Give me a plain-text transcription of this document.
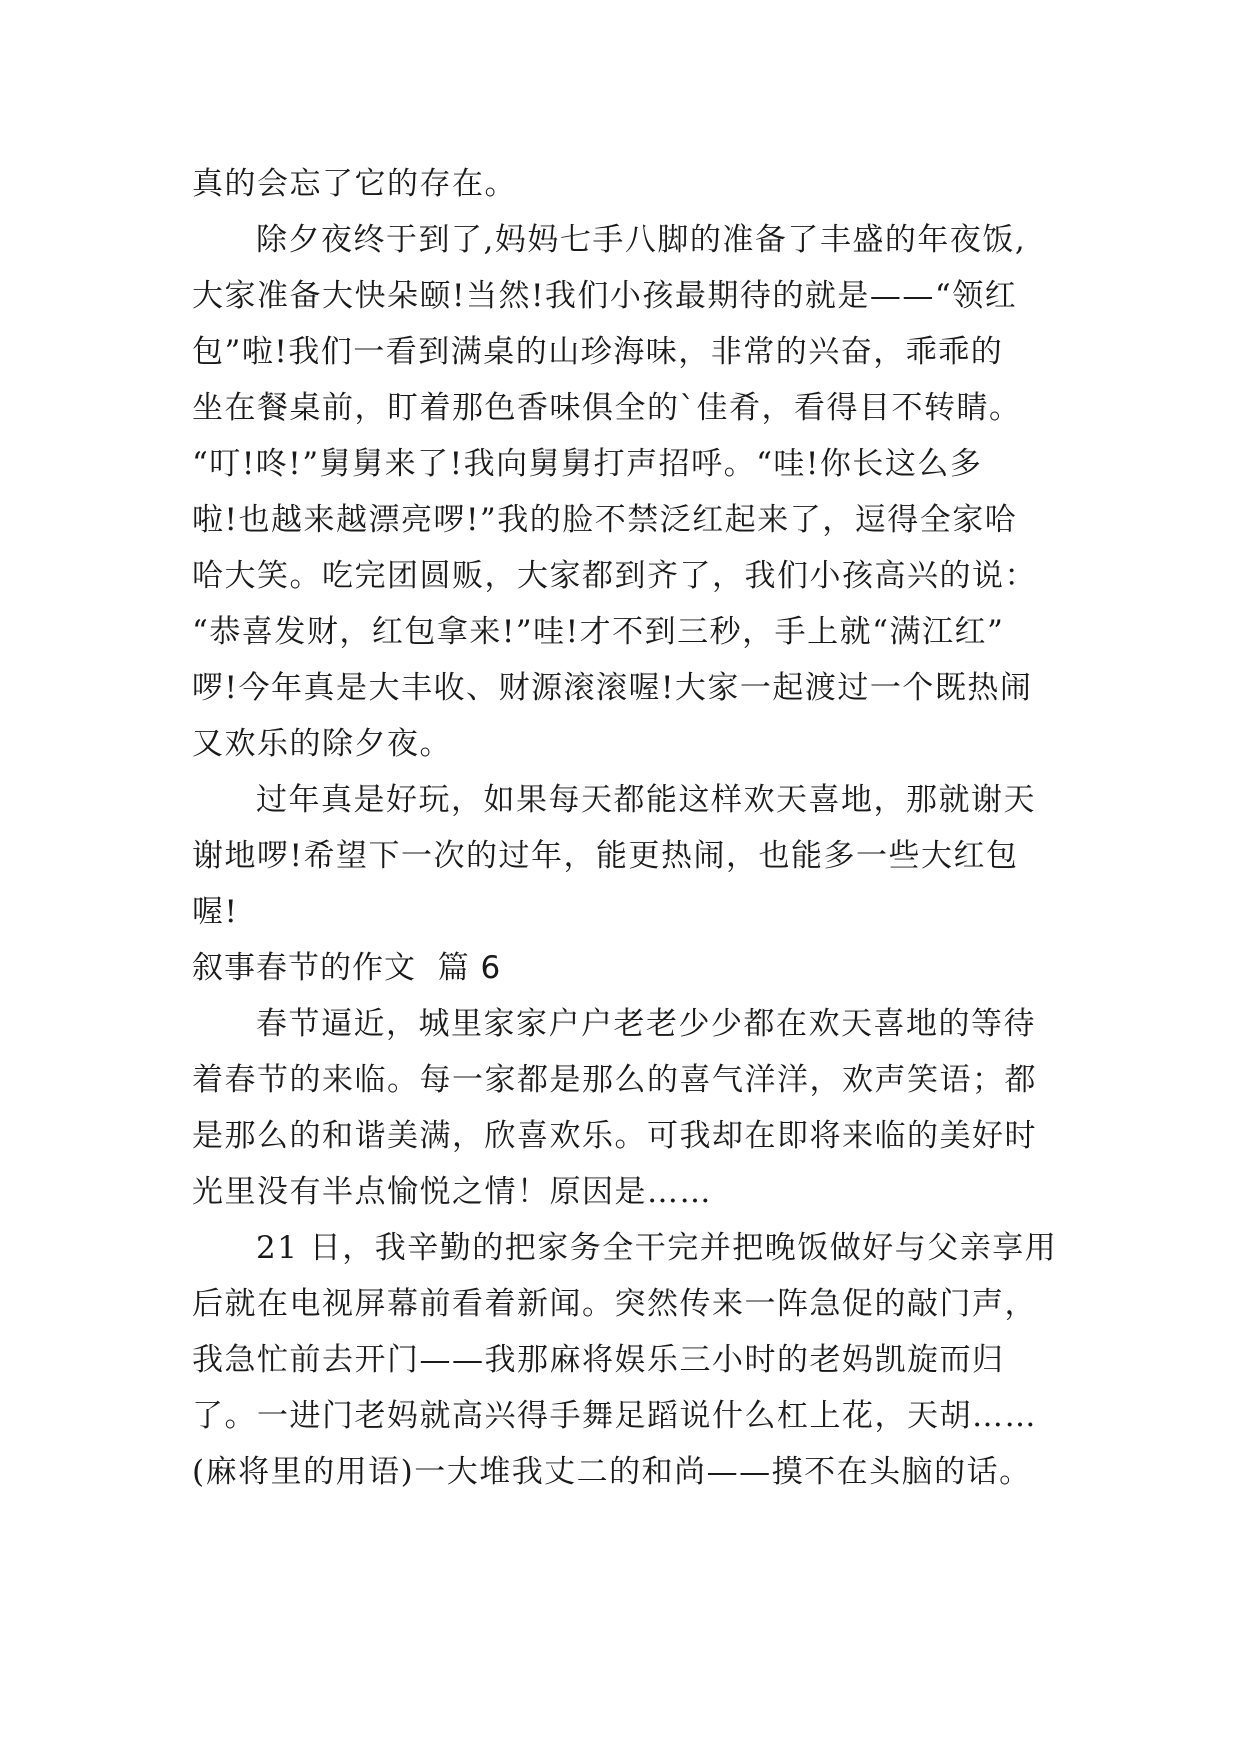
真的会忘了它的存在。
除夕夜终于到了,妈妈七手八脚的准备了丰盛的年夜饭,
大家准备大快朵颐!当然!我们小孩最期待的就是——“领红
包”啦!我们一看到满桌的山珍海味，非常的兴奋，乖乖的
坐在餐桌前，盯着那色香味俱全的`佳肴，看得目不转睛。
“叮!咚!”舅舅来了!我向舅舅打声招呼。“哇!你长这么多
啦!也越来越漂亮啰!”我的脸不禁泛红起来了，逗得全家哈
哈大笑。吃完团圆贩，大家都到齐了，我们小孩高兴的说：
“恭喜发财，红包拿来!”哇!才不到三秒，手上就“满江红”
啰!今年真是大丰收、财源滚滚喔!大家一起渡过一个既热闹
又欢乐的除夕夜。
过年真是好玩，如果每天都能这样欢天喜地，那就谢天
谢地啰!希望下一次的过年，能更热闹，也能多一些大红包
喔!
叙事春节的作文  篇 6
春节逼近，城里家家户户老老少少都在欢天喜地的等待
着春节的来临。每一家都是那么的喜气洋洋，欢声笑语；都
是那么的和谐美满，欣喜欢乐。可我却在即将来临的美好时
光里没有半点愉悦之情！原因是……
21 日，我辛勤的把家务全干完并把晚饭做好与父亲享用
后就在电视屏幕前看着新闻。突然传来一阵急促的敲门声，
我急忙前去开门——我那麻将娱乐三小时的老妈凯旋而归
了。一进门老妈就高兴得手舞足蹈说什么杠上花，天胡……
(麻将里的用语)一大堆我丈二的和尚——摸不在头脑的话。
